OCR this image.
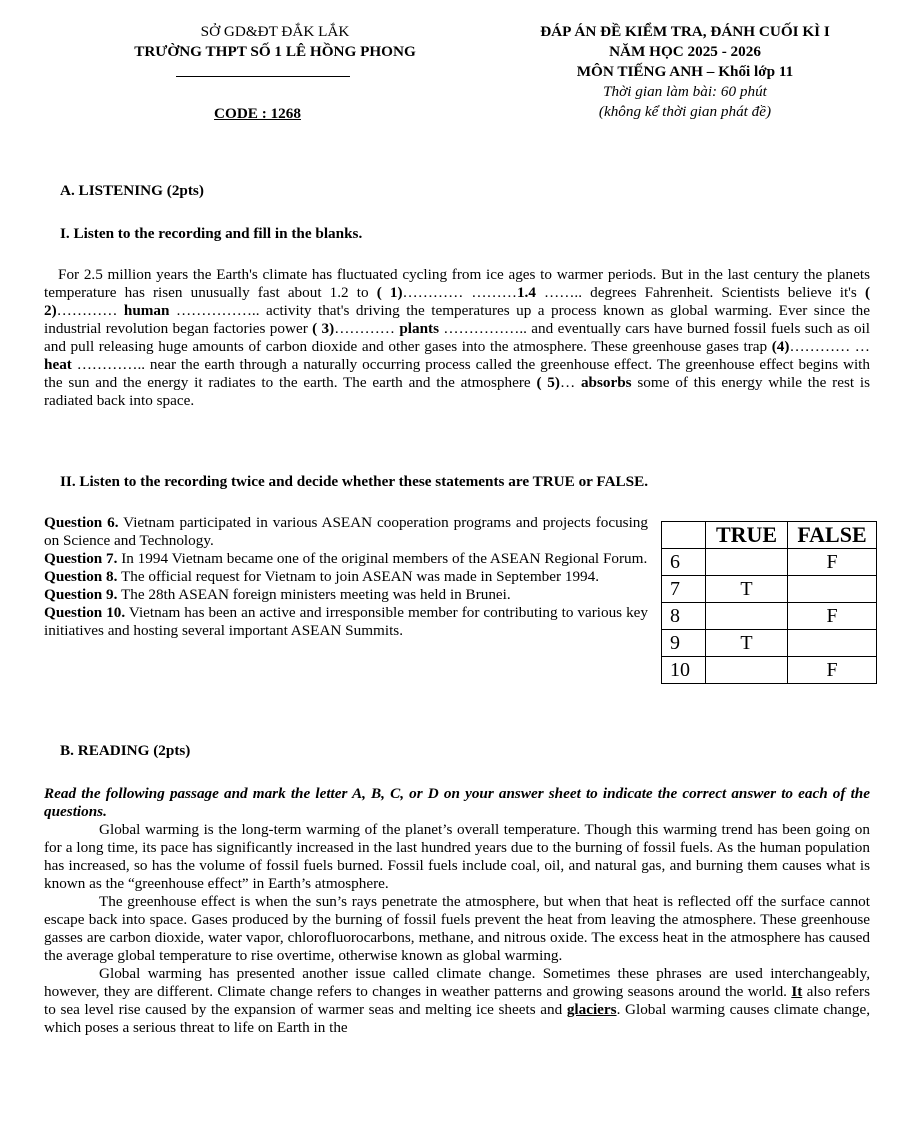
SỞ GD&ĐT ĐẮK LẮK
TRƯỜNG THPT SỐ 1 LÊ HỒNG PHONG
CODE : 1268
ĐÁP ÁN ĐỀ KIỂM TRA, ĐÁNH CUỐI KÌ I
NĂM HỌC 2025 - 2026
MÔN TIẾNG ANH – Khối lớp 11
Thời gian làm bài: 60 phút
(không kể thời gian phát đề)
A. LISTENING (2pts)
I. Listen to the recording and fill in the blanks.
For 2.5 million years the Earth's climate has fluctuated cycling from ice ages to warmer periods. But in the last century the planets temperature has risen unusually fast about 1.2 to ( 1)………… ………1.4 …….. degrees Fahrenheit. Scientists believe it's ( 2)………… human …………….. activity that's driving the temperatures up a process known as global warming. Ever since the industrial revolution began factories power ( 3)………… plants …………….. and eventually cars have burned fossil fuels such as oil and pull releasing huge amounts of carbon dioxide and other gases into the atmosphere. These greenhouse gases trap (4)………… … heat ………….. near the earth through a naturally occurring process called the greenhouse effect. The greenhouse effect begins with the sun and the energy it radiates to the earth. The earth and the atmosphere ( 5)… absorbs some of this energy while the rest is radiated back into space.
II. Listen to the recording twice and decide whether these statements are TRUE or FALSE.

Question 6. Vietnam participated in various ASEAN cooperation programs and projects focusing on Science and Technology.

Question 7. In 1994 Vietnam became one of the original members of the ASEAN Regional Forum.

Question 8. The official request for Vietnam to join ASEAN was made in September 1994.

Question 9. The 28th ASEAN foreign ministers meeting was held in Brunei.

Question 10. Vietnam has been an active and irresponsible member for contributing to various key initiatives and hosting several important ASEAN Summits.

	TRUE	FALSE
6		F
7	T	
8		F
9	T	
10		F
B. READING (2pts)

Read the following passage and mark the letter A, B, C, or D on your answer sheet to indicate the correct answer to each of the questions.

Global warming is the long-term warming of the planet’s overall temperature. Though this warming trend has been going on for a long time, its pace has significantly increased in the last hundred years due to the burning of fossil fuels. As the human population has increased, so has the volume of fossil fuels burned. Fossil fuels include coal, oil, and natural gas, and burning them causes what is known as the “greenhouse effect” in Earth’s atmosphere.

The greenhouse effect is when the sun’s rays penetrate the atmosphere, but when that heat is reflected off the surface cannot escape back into space. Gases produced by the burning of fossil fuels prevent the heat from leaving the atmosphere. These greenhouse gasses are carbon dioxide, water vapor, chlorofluorocarbons, methane, and nitrous oxide. The excess heat in the atmosphere has caused the average global temperature to rise overtime, otherwise known as global warming.

Global warming has presented another issue called climate change. Sometimes these phrases are used interchangeably, however, they are different. Climate change refers to changes in weather patterns and growing seasons around the world. It also refers to sea level rise caused by the expansion of warmer seas and melting ice sheets and glaciers. Global warming causes climate change, which poses a serious threat to life on Earth in the
